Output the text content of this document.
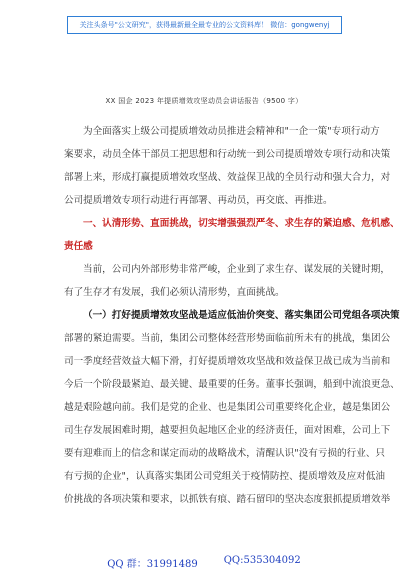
关注头条号"公文研究"，获得最新最全最专业的公文资料库！ 微信：gongwenyj
XX 国企 2023 年提质增效攻坚动员会讲话报告（9500 字）
为全面落实上级公司提质增效动员推进会精神和"一企一策"专项行动方
案要求，动员全体干部员工把思想和行动统一到公司提质增效专项行动和决策
部署上来，形成打赢提质增效攻坚战、效益保卫战的全员行动和强大合力，对
公司提质增效专项行动进行再部署、再动员，再交底、再推进。
一、认清形势、直面挑战，切实增强强烈严冬、求生存的紧迫感、危机感、
责任感
当前，公司内外部形势非常严峻，企业到了求生存、谋发展的关键时期，
有了生存才有发展，我们必须认清形势，直面挑战。
（一）打好提质增效攻坚战是适应低油价突变、落实集团公司党组各项决策
部署的紧迫需要。当前，集团公司整体经营形势面临前所未有的挑战，集团公
司一季度经营效益大幅下滑，打好提质增效攻坚战和效益保卫战已成为当前和
今后一个阶段最紧迫、最关键、最重要的任务。董事长强调，船到中流浪更急、
越是艰险越向前。我们是党的企业、也是集团公司重要终化企业，越是集团公
司生存发展困难时期，越要担负起地区企业的经济责任，面对困难，公司上下
要有迎难而上的信念和谋定而动的战略战术，清醒认识"没有亏损的行业、只
有亏损的企业"，认真落实集团公司党组关于疫情防控、提质增效及应对低油
价挑战的各项决策和要求，以抓铁有痕、踏石留印的坚决态度狠抓提质增效举
QQ 群：31991489	QQ:535304092
